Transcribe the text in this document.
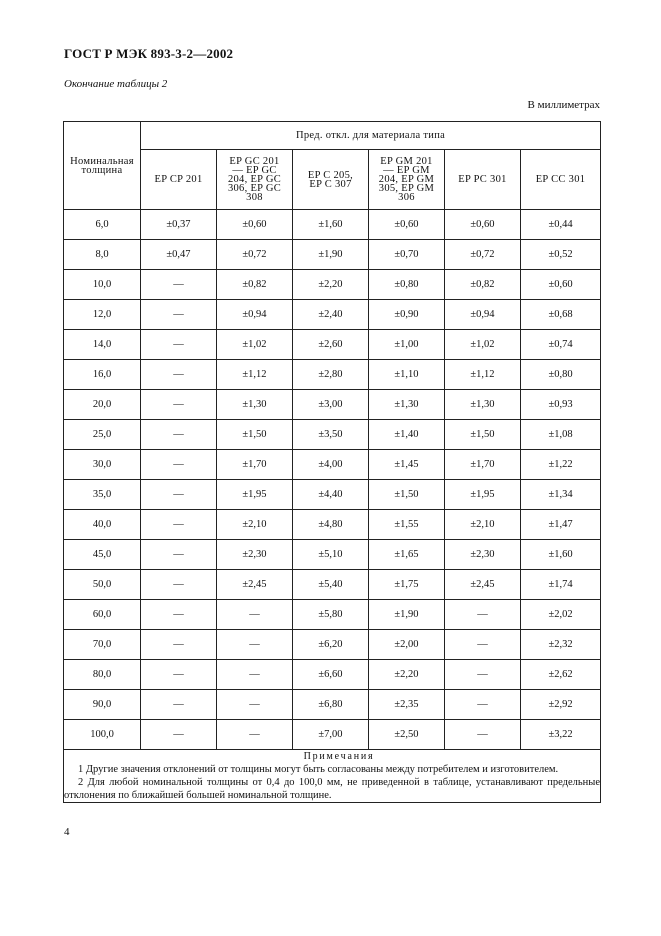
ГОСТ Р МЭК 893-3-2—2002
Окончание таблицы 2
В миллиметрах
Номинальная толщина	Пред. откл. для материала типа					
	EP CP 201	EP GC 201 — EP GC 204, EP GC 306, EP GC 308	EP C 205, EP C 307	EP GM 201 — EP GM 204, EP GM 305, EP GM 306	EP PC 301	EP CC 301
6,0	±0,37	±0,60	±1,60	±0,60	±0,60	±0,44
8,0	±0,47	±0,72	±1,90	±0,70	±0,72	±0,52
10,0	—	±0,82	±2,20	±0,80	±0,82	±0,60
12,0	—	±0,94	±2,40	±0,90	±0,94	±0,68
14,0	—	±1,02	±2,60	±1,00	±1,02	±0,74
16,0	—	±1,12	±2,80	±1,10	±1,12	±0,80
20,0	—	±1,30	±3,00	±1,30	±1,30	±0,93
25,0	—	±1,50	±3,50	±1,40	±1,50	±1,08
30,0	—	±1,70	±4,00	±1,45	±1,70	±1,22
35,0	—	±1,95	±4,40	±1,50	±1,95	±1,34
40,0	—	±2,10	±4,80	±1,55	±2,10	±1,47
45,0	—	±2,30	±5,10	±1,65	±2,30	±1,60
50,0	—	±2,45	±5,40	±1,75	±2,45	±1,74
60,0	—	—	±5,80	±1,90	—	±2,02
70,0	—	—	±6,20	±2,00	—	±2,32
80,0	—	—	±6,60	±2,20	—	±2,62
90,0	—	—	±6,80	±2,35	—	±2,92
100,0	—	—	±7,00	±2,50	—	±3,22

Примечания
1 Другие значения отклонений от толщины могут быть согласованы между потребителем и изготовителем.
2 Для любой номинальной толщины от 0,4 до 100,0 мм, не приведенной в таблице, устанавливают предельные отклонения по ближайшей большей номинальной толщине.						
4
